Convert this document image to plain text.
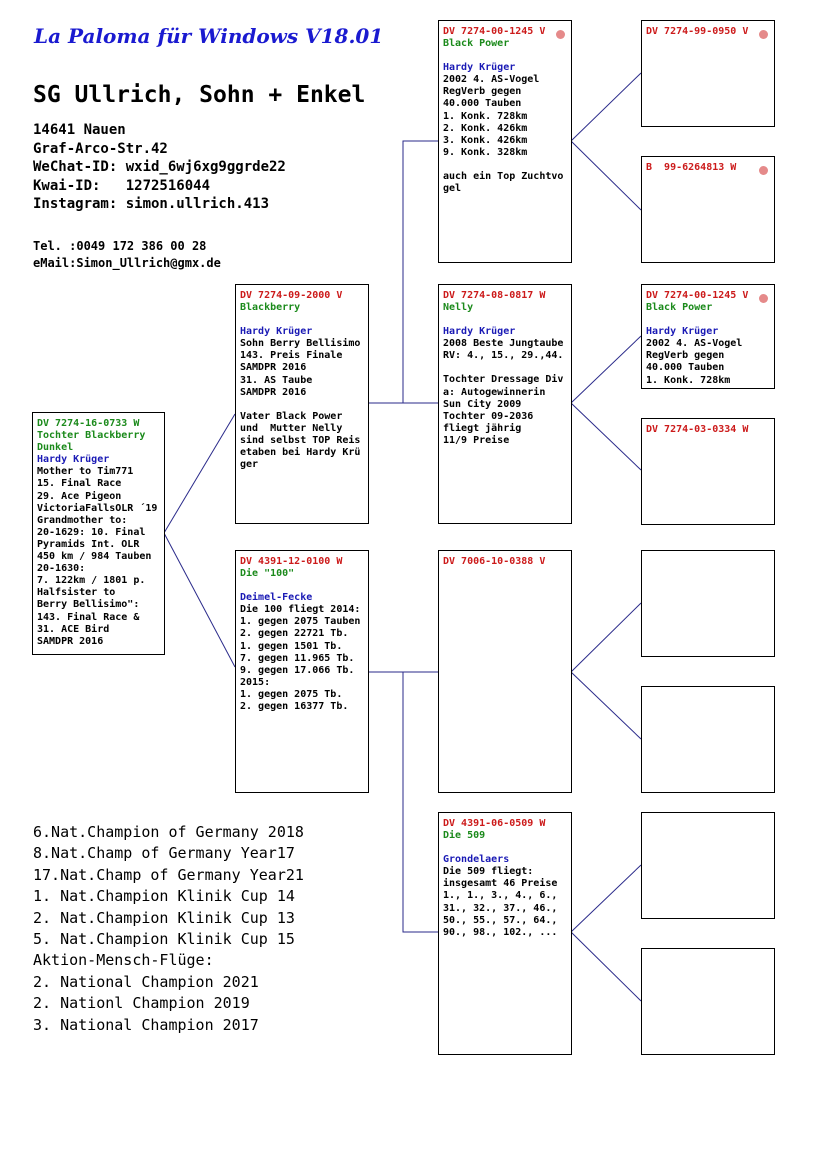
La Paloma für Windows V18.01
SG Ullrich, Sohn + Enkel
14641 Nauen
Graf-Arco-Str.42
WeChat-ID: wxid_6wj6xg9ggrde22
Kwai-ID:   1272516044
Instagram: simon.ullrich.413
Tel. :0049 172 386 00 28
eMail:Simon_Ullrich@gmx.de
DV 7274-16-0733 W
Tochter Blackberry
Dunkel
Hardy Krüger
Mother to Tim771
15. Final Race
29. Ace Pigeon
VictoriaFallsOLR ´19
Grandmother to:
20-1629: 10. Final
Pyramids Int. OLR
450 km / 984 Tauben
20-1630:
7. 122km / 1801 p.
Halfsister to
Berry Bellisimo":
143. Final Race &
31. ACE Bird
SAMDPR 2016
DV 7274-09-2000 V
Blackberry
Hardy Krüger
Sohn Berry Bellisimo
143. Preis Finale
SAMDPR 2016
31. AS Taube
SAMDPR 2016
Vater Black Power
und  Mutter Nelly
sind selbst TOP Reis
etaben bei Hardy Krü
ger
DV 4391-12-0100 W
Die "100"
Deimel-Fecke
Die 100 fliegt 2014:
1. gegen 2075 Tauben
2. gegen 22721 Tb.
1. gegen 1501 Tb.
7. gegen 11.965 Tb.
9. gegen 17.066 Tb.
2015:
1. gegen 2075 Tb.
2. gegen 16377 Tb.
DV 7274-00-1245 V
Black Power
Hardy Krüger
2002 4. AS-Vogel
RegVerb gegen
40.000 Tauben
1. Konk. 728km
2. Konk. 426km
3. Konk. 426km
9. Konk. 328km
auch ein Top Zuchtvo
gel
DV 7274-08-0817 W
Nelly
Hardy Krüger
2008 Beste Jungtaube
RV: 4., 15., 29.,44.
Tochter Dressage Div
a: Autogewinnerin
Sun City 2009
Tochter 09-2036
fliegt jährig
11/9 Preise
DV 7006-10-0388 V
DV 4391-06-0509 W
Die 509
Grondelaers
Die 509 fliegt:
insgesamt 46 Preise
1., 1., 3., 4., 6.,
31., 32., 37., 46.,
50., 55., 57., 64.,
90., 98., 102., ...
DV 7274-99-0950 V
B  99-6264813 W
DV 7274-00-1245 V
Black Power
Hardy Krüger
2002 4. AS-Vogel
RegVerb gegen
40.000 Tauben
1. Konk. 728km
DV 7274-03-0334 W
6.Nat.Champion of Germany 2018
8.Nat.Champ of Germany Year17
17.Nat.Champ of Germany Year21
1. Nat.Champion Klinik Cup 14
2. Nat.Champion Klinik Cup 13
5. Nat.Champion Klinik Cup 15
Aktion-Mensch-Flüge:
2. National Champion 2021
2. Nationl Champion 2019
3. National Champion 2017
